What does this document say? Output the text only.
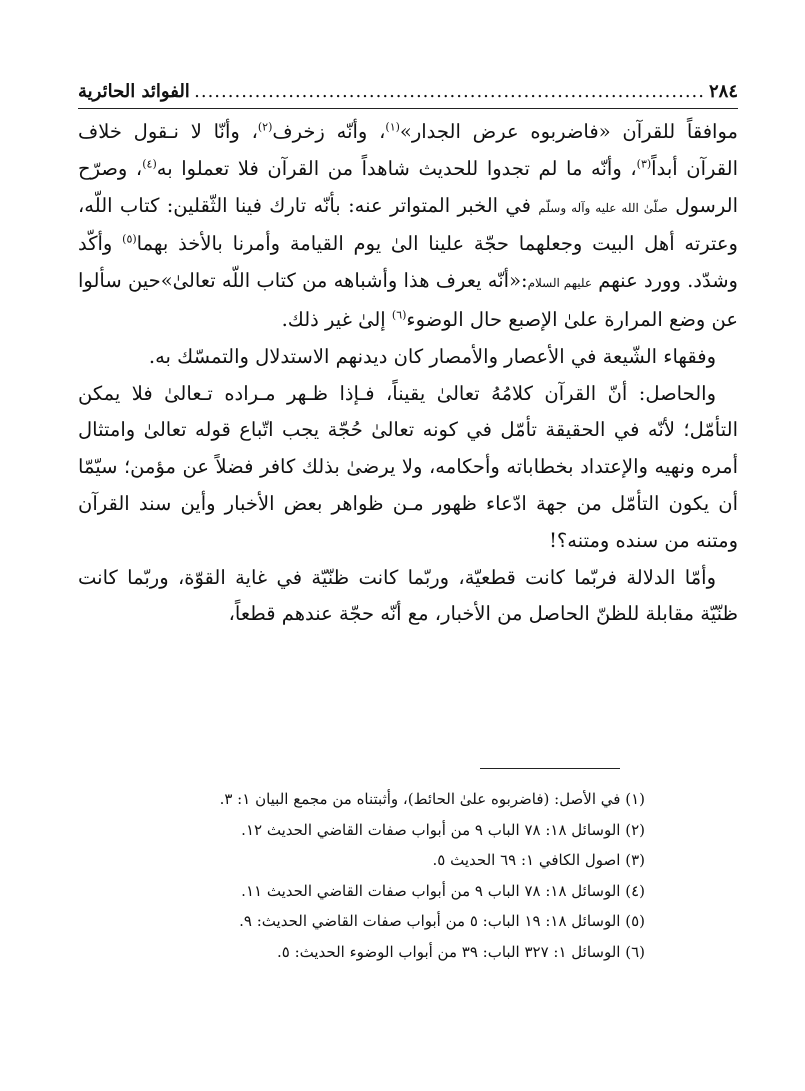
٢٨٤
.....
الفوائد الحائرية

موافقاً للقرآن «فاضربوه عرض الجدار»$^{(١)}$، وأنّه زخرف$^{(٢)}$، وأنّا لا نـقول خلاف القرآن أبداً$^{(٣)}$، وأنّه ما لم تجدوا للحديث شاهداً من القرآن فلا تعملوا به$^{(٤)}$، وصرّح الرسول صلّىٰ الله عليه وآله وسلّم في الخبر المتواتر عنه: بأنّه تارك فينا الثّقلين: كتاب اللّه، وعترته أهل البيت وجعلهما حجّة علينا الىٰ يوم القيامة وأمرنا بالأخذ بهما$^{(٥)}$ وأكّد وشدّد. وورد عنهم عليهم السلام:«أنّه يعرف هذا وأشباهه من كتاب اللّه تعالىٰ»حين سألوا عن وضع المرارة علىٰ الإصبع حال الوضوء$^{(٦)}$ إلىٰ غير ذلك.

وفقهاء الشّيعة في الأعصار والأمصار كان ديدنهم الاستدلال والتمسّك به.

والحاصل: أنّ القرآن كلامُهُ تعالىٰ يقيناً، فـإذا ظـهر مـراده تـعالىٰ فلا يمكن التأمّل؛ لأنّه في الحقيقة تأمّل في كونه تعالىٰ حُجّة يجب اتّباع قوله تعالىٰ وامتثال أمره ونهيه والإعتداد بخطاباته وأحكامه، ولا يرضىٰ بذلك كافر فضلاً عن مؤمن؛ سيّمّا أن يكون التأمّل من جهة ادّعاء ظهور مـن ظواهر بعض الأخبار وأين سند القرآن ومتنه من سنده ومتنه؟!

وأمّا الدلالة فربّما كانت قطعيّة، وربّما كانت ظنّيّة في غاية القوّة، وربّما كانت ظنّيّة مقابلة للظنّ الحاصل من الأخبار، مع أنّه حجّة عندهم قطعاً،

(١) في الأصل: (فاضربوه علىٰ الحائط)، وأثبتناه من مجمع البيان ١: ٣.
(٢) الوسائل ١٨: ٧٨ الباب ٩ من أبواب صفات القاضي الحديث ١٢.
(٣) اصول الكافي ١: ٦٩ الحديث ٥.
(٤) الوسائل ١٨: ٧٨ الباب ٩ من أبواب صفات القاضي الحديث ١١.
(٥) الوسائل ١٨: ١٩ الباب: ٥ من أبواب صفات القاضي الحديث: ٩.
(٦) الوسائل ١: ٣٢٧ الباب: ٣٩ من أبواب الوضوء الحديث: ٥.
